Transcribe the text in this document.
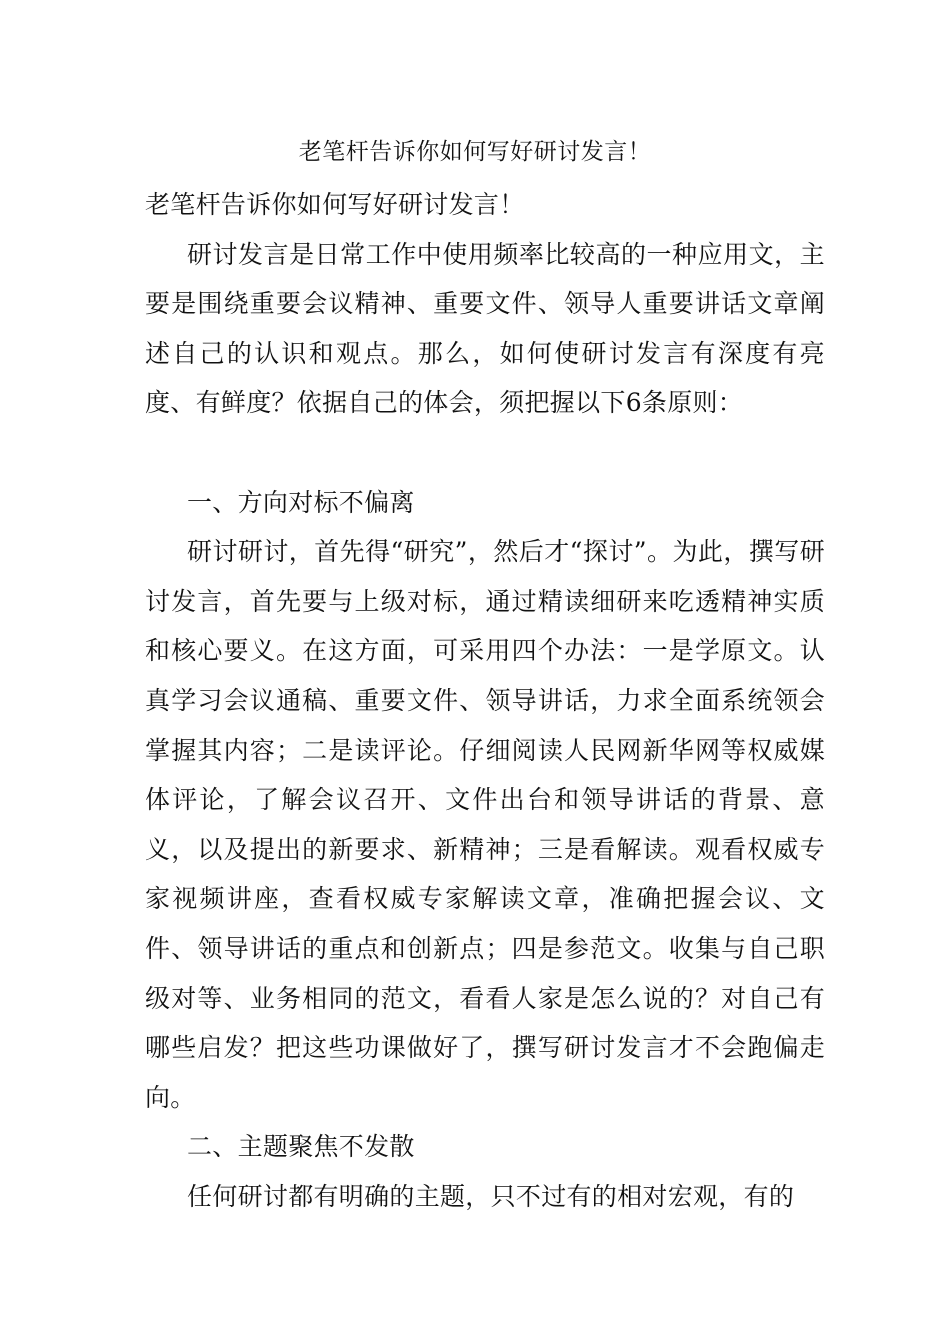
老笔杆告诉你如何写好研讨发言！

老笔杆告诉你如何写好研讨发言！

研讨发言是日常工作中使用频率比较高的一种应用文，主要是围绕重要会议精神、重要文件、领导人重要讲话文章阐述自己的认识和观点。那么，如何使研讨发言有深度有亮度、有鲜度？依据自己的体会，须把握以下6条原则：

一、方向对标不偏离

研讨研讨，首先得“研究”，然后才“探讨”。为此，撰写研讨发言，首先要与上级对标，通过精读细研来吃透精神实质和核心要义。在这方面，可采用四个办法：一是学原文。认真学习会议通稿、重要文件、领导讲话，力求全面系统领会掌握其内容；二是读评论。仔细阅读人民网新华网等权威媒体评论，了解会议召开、文件出台和领导讲话的背景、意义，以及提出的新要求、新精神；三是看解读。观看权威专家视频讲座，查看权威专家解读文章，准确把握会议、文件、领导讲话的重点和创新点；四是参范文。收集与自己职级对等、业务相同的范文，看看人家是怎么说的？对自己有哪些启发？把这些功课做好了，撰写研讨发言才不会跑偏走向。

二、主题聚焦不发散

任何研讨都有明确的主题，只不过有的相对宏观，有的
